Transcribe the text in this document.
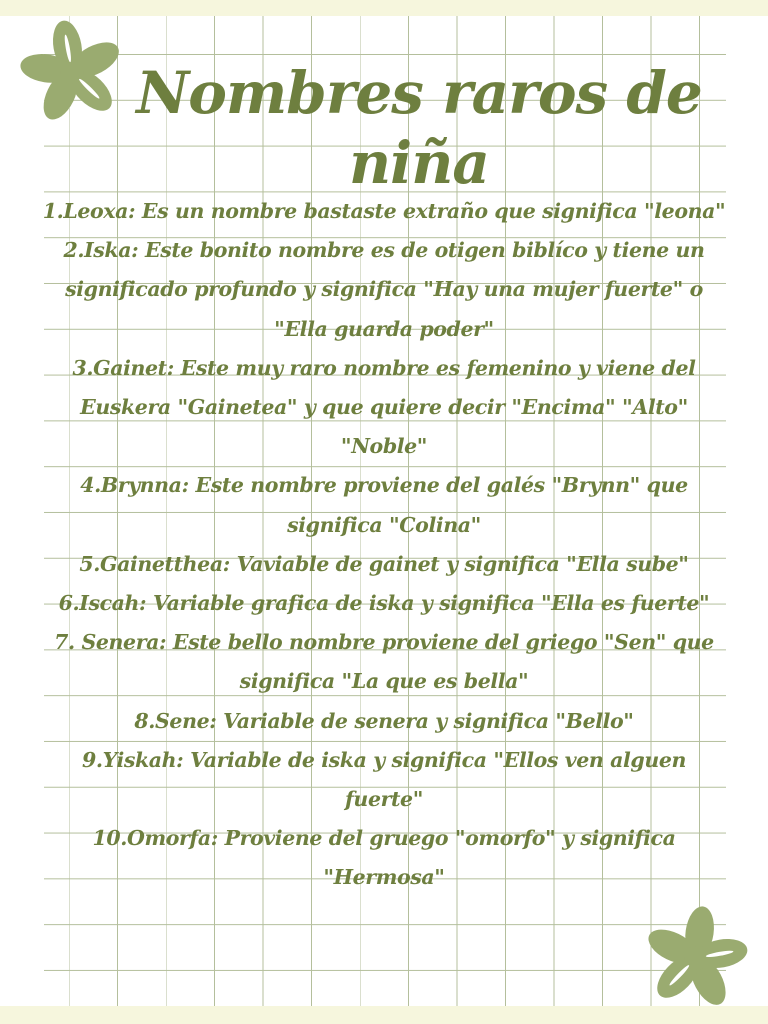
Nombres raros de niña
1.Leoxa: Es un nombre bastaste extraño que significa "leona"
2.Iska: Este bonito nombre es de otigen biblíco y tiene un significado profundo y significa "Hay una mujer fuerte" o "Ella guarda poder"
3.Gainet: Este muy raro nombre es femenino y viene del Euskera "Gainetea" y que quiere decir "Encima" "Alto" "Noble"
4.Brynna: Este nombre proviene del galés "Brynn" que significa "Colina"
5.Gainetthea: Vaviable de gainet y significa "Ella sube"
6.Iscah: Variable grafica de iska y significa "Ella es fuerte"
7. Senera: Este bello nombre proviene del griego "Sen" que significa "La que es bella"
8.Sene: Variable de senera y significa "Bello"
9.Yiskah: Variable de iska y significa "Ellos ven alguen fuerte"
10.Omorfa: Proviene del gruego "omorfo" y significa "Hermosa"
